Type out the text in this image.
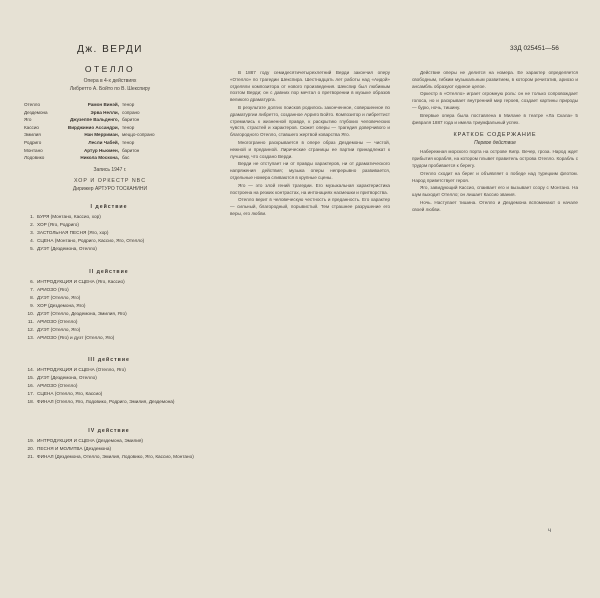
33Д 025451—56
Дж. ВЕРДИ
ОТЕЛЛО
Опера в 4-х действиях
Либретто А. Бойто по В. Шекспиру
Отелло	Рамон Винэй, тенор
Дездемона	Эрва Нелли, сопрано
Яго	Джузеппе Вальденго, баритон
Кассио	Вирджинио Ассандри, тенор
Эмилия	Нан Мерриман, меццо-сопрано
Родриго	Лесли Чабей, тенор
Монтано	Артур Ньюмен, баритон
Лодовико	Никола Москона, бас
Запись 1947 г.
ХОР И ОРКЕСТР NBC
Дирижер АРТУРО ТОСКАНИНИ
I действие
1. БУРЯ (Монтано, Кассио, хор)
2. ХОР (Яго, Родриго)
3. ЗАСТОЛЬНАЯ ПЕСНЯ (Яго, хор)
4. СЦЕНА (Монтано, Родриго, Кассио, Яго, Отелло)
5. ДУЭТ (Дездемона, Отелло)
II действие
6. ИНТРОДУКЦИЯ И СЦЕНА (Яго, Кассио)
7. АРИОЗО (Яго)
8. ДУЭТ (Отелло, Яго)
9. ХОР (Дездемона, Яго)
10. ДУЭТ (Отелло, Дездемона, Эмилия, Яго)
11. АРИОЗО (Отелло)
12. ДУЭТ (Отелло, Яго)
13. АРИОЗО (Яго) и дуэт (Отелло, Яго)
III действие
14. ИНТРОДУКЦИЯ И СЦЕНА (Отелло, Яго)
15. ДУЭТ (Дездемона, Отелло)
16. АРИОЗО (Отелло)
17. СЦЕНА (Отелло, Яго, Кассио)
18. ФИНАЛ (Отелло, Яго, Лодовико, Родриго, Эмилия, Дездемона)
IV действие
19. ИНТРОДУКЦИЯ И СЦЕНА (Дездемона, Эмилия)
20. ПЕСНЯ И МОЛИТВА (Дездемона)
21. ФИНАЛ (Дездемона, Отелло, Эмилия, Лодовико, Яго, Кассио, Монтано)

В 1887 году семидесятичетырехлетний Верди закончил оперу «Отелло» по трагедии Шекспира. Шестнадцать лет работы над «Аидой» отделяли композитора от нового произведения. Шекспир был любимым поэтом Верди; он с давних пор мечтал о претворении в музыке образов великого драматурга.

В результате долгих поисков родилось законченное, совершенное по драматургии либретто, созданное Арриго Бойто. Композитор и либреттист стремились к жизненной правде, к раскрытию глубоких человеческих чувств, страстей и характеров. Сюжет оперы — трагедия доверчивого и благородного Отелло, ставшего жертвой коварства Яго.

Многогранно раскрывается в опере образ Дездемоны — чистой, нежной и преданной. Лирические страницы ее партии принадлежат к лучшему, что создано Верди.

Верди не отступает ни от правды характеров, ни от драматического напряжения действия; музыка оперы непрерывно развивается, отдельные номера сливаются в крупные сцены.

Яго — это злой гений трагедии. Его музыкальная характеристика построена на резких контрастах, на интонациях насмешки и притворства.

Отелло верит в человеческую честность и преданность. Его характер — сильный, благородный, порывистый. Тем страшнее разрушение его веры, его любви.

Действие оперы не делится на номера. Ее характер определяется свободным, гибким музыкальным развитием, в котором речитатив, ариозо и ансамбль образуют единое целое.

Оркестр в «Отелло» играет огромную роль: он не только сопровождает голоса, но и раскрывает внутренний мир героев, создает картины природы — бурю, ночь, тишину.

Впервые опера была поставлена в Милане в театре «Ла Скала» 5 февраля 1887 года и имела триумфальный успех.

КРАТКОЕ СОДЕРЖАНИЕ
Первое действие

Набережная морского порта на острове Кипр. Вечер, гроза. Народ ждет прибытия корабля, на котором плывет правитель острова Отелло. Корабль с трудом пробивается к берегу.

Отелло сходит на берег и объявляет о победе над турецким флотом. Народ приветствует героя.

Яго, завидующий Кассио, спаивает его и вызывает ссору с Монтано. На шум выходит Отелло; он лишает Кассио звания.

Ночь. Наступает тишина. Отелло и Дездемона вспоминают о начале своей любви.

ч
